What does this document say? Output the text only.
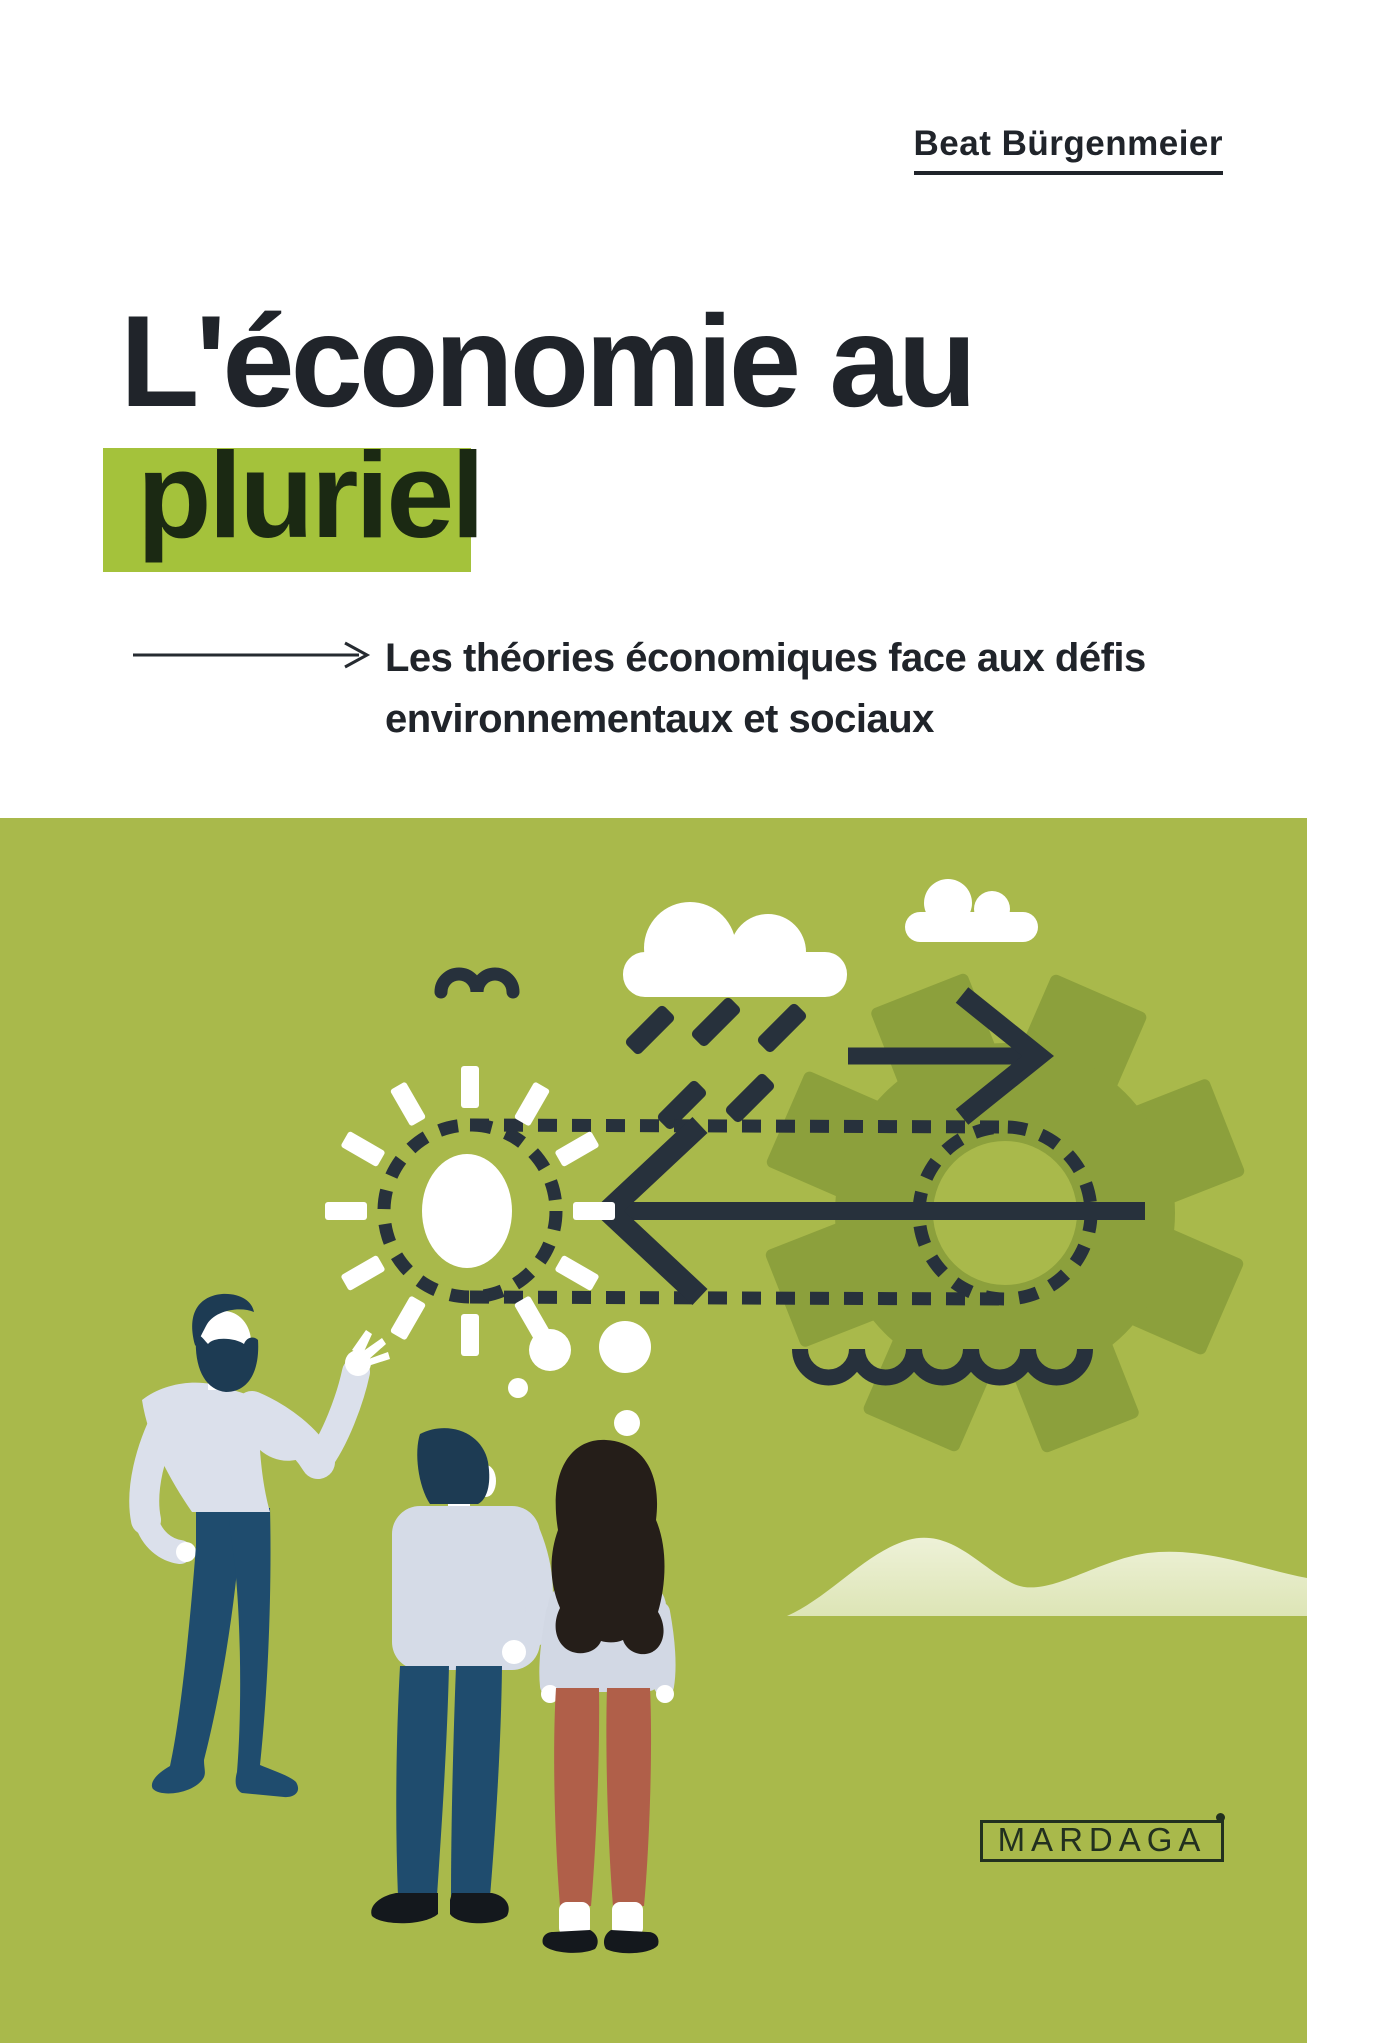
Beat Bürgenmeier
L'économie au
pluriel
Les théories économiques face aux défis
environnementaux et sociaux
MARDAGA
